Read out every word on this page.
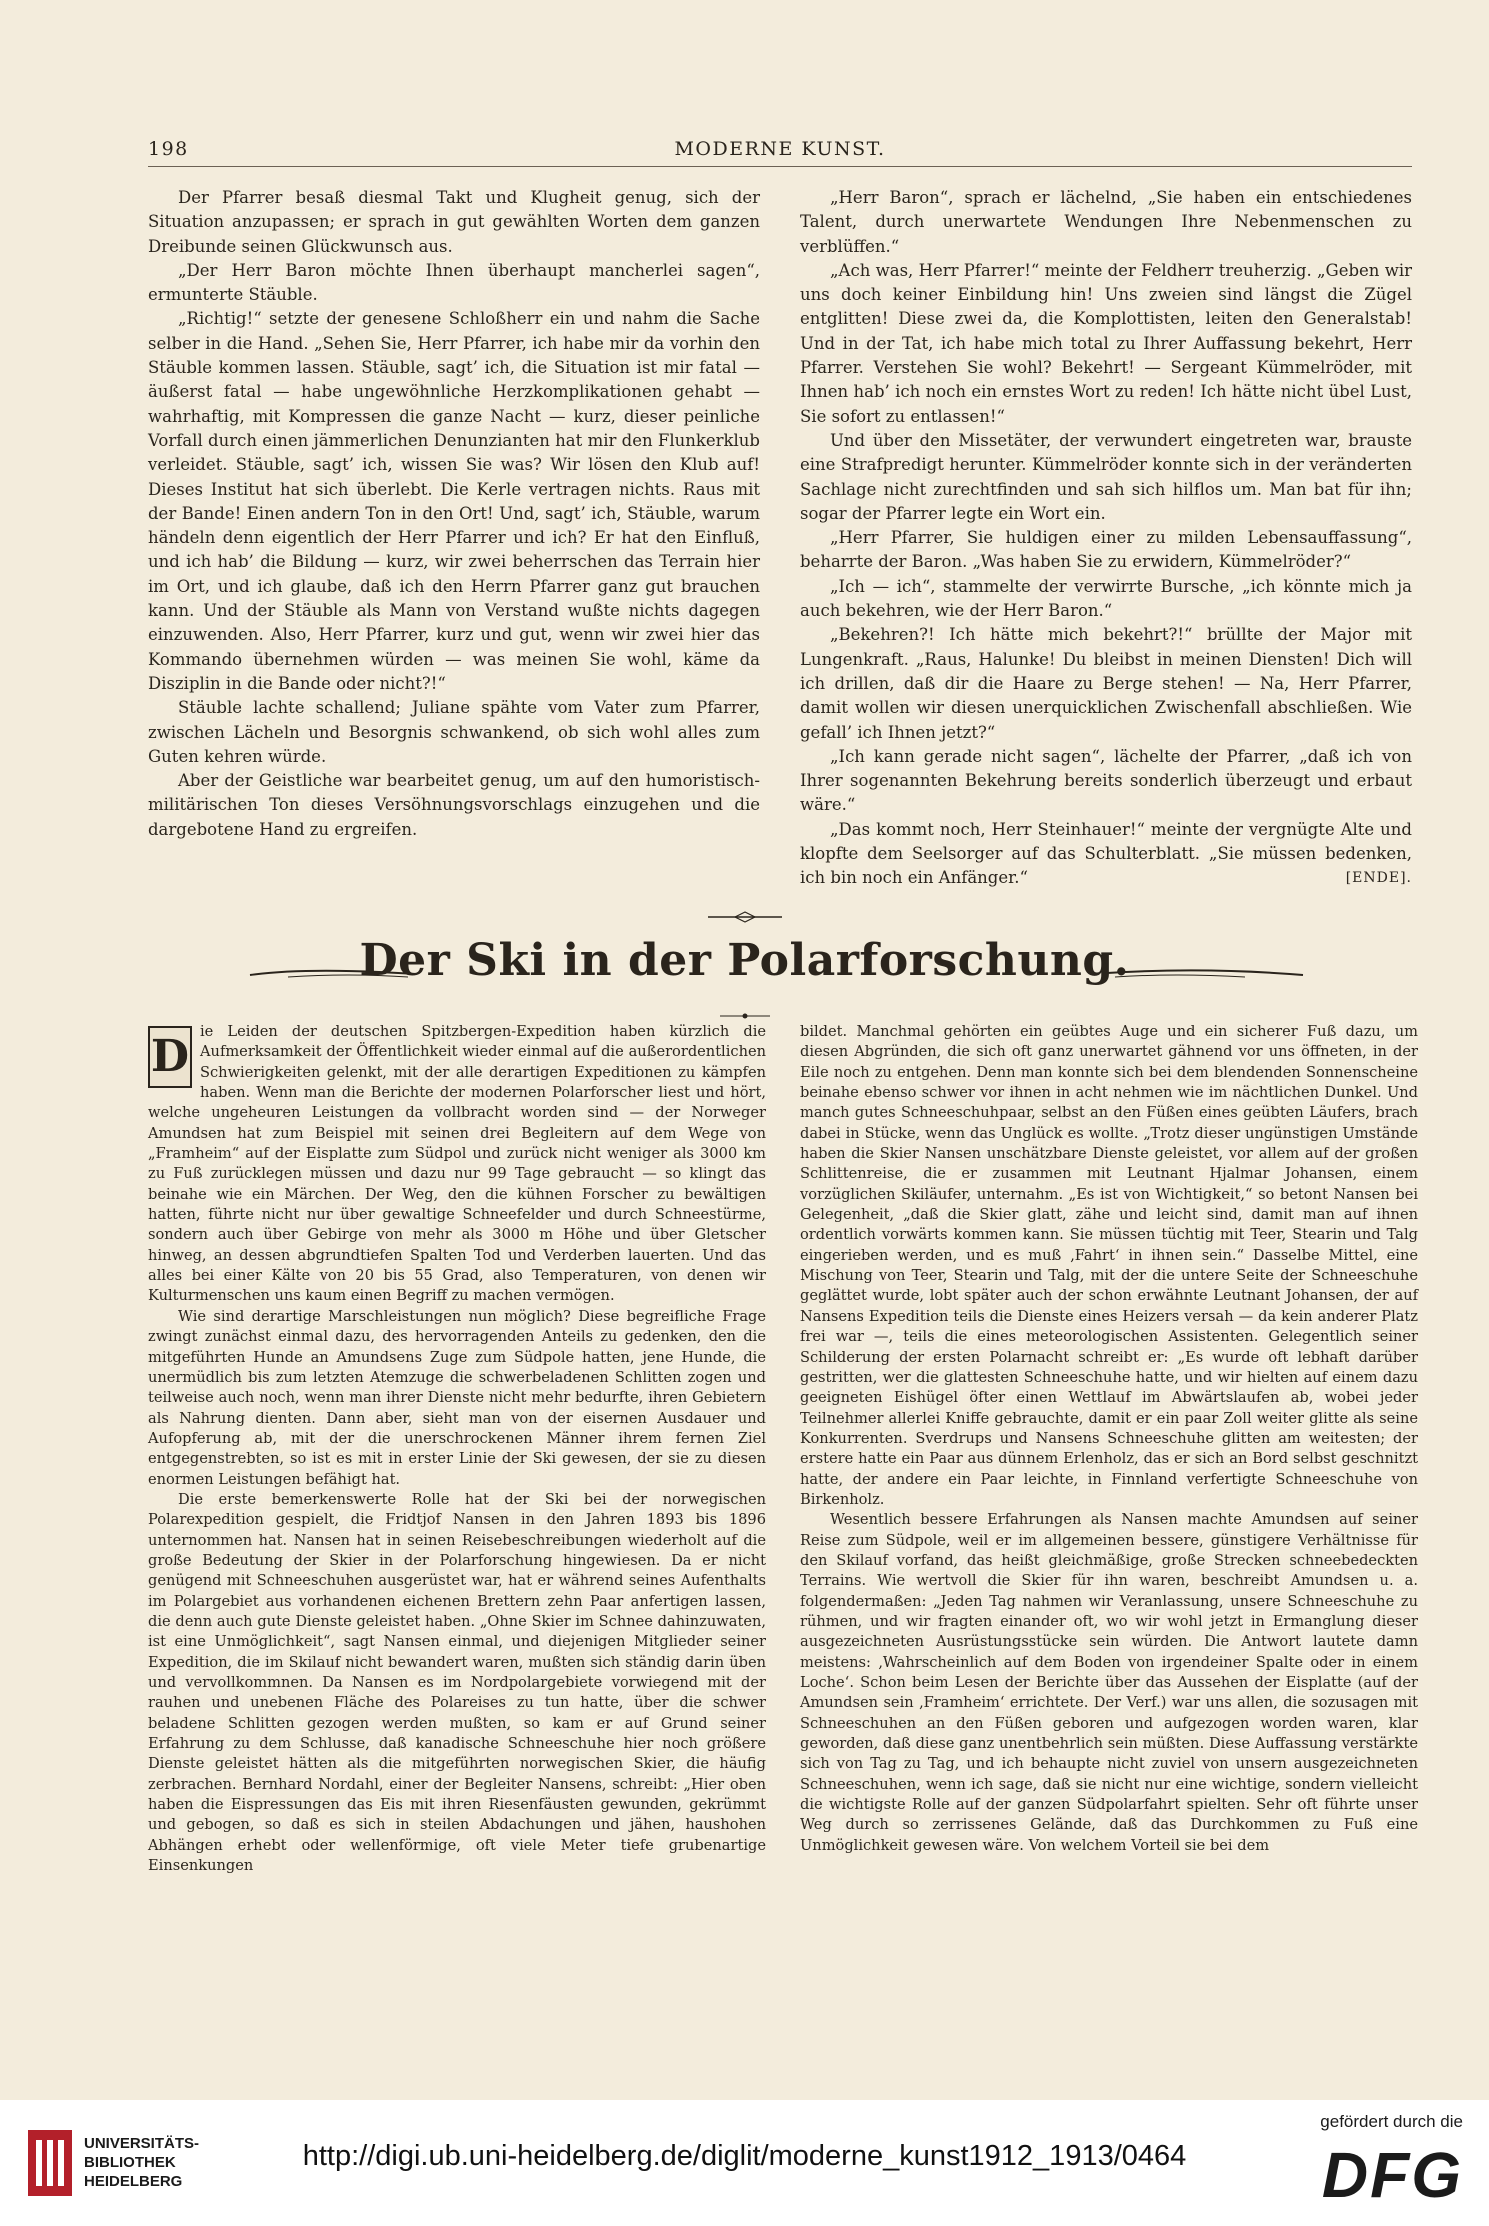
198	MODERNE KUNST.

Der Pfarrer besaß diesmal Takt und Klugheit genug, sich der Situation anzupassen; er sprach in gut gewählten Worten dem ganzen Dreibunde seinen Glückwunsch aus.

„Der Herr Baron möchte Ihnen überhaupt mancherlei sagen“, ermunterte Stäuble.

„Richtig!“ setzte der genesene Schloßherr ein und nahm die Sache selber in die Hand. „Sehen Sie, Herr Pfarrer, ich habe mir da vorhin den Stäuble kommen lassen. Stäuble, sagt’ ich, die Situation ist mir fatal — äußerst fatal — habe ungewöhnliche Herzkomplikationen gehabt — wahrhaftig, mit Kompressen die ganze Nacht — kurz, dieser peinliche Vorfall durch einen jämmerlichen Denunzianten hat mir den Flunkerklub verleidet. Stäuble, sagt’ ich, wissen Sie was? Wir lösen den Klub auf! Dieses Institut hat sich überlebt. Die Kerle vertragen nichts. Raus mit der Bande! Einen andern Ton in den Ort! Und, sagt’ ich, Stäuble, warum händeln denn eigentlich der Herr Pfarrer und ich? Er hat den Einfluß, und ich hab’ die Bildung — kurz, wir zwei beherrschen das Terrain hier im Ort, und ich glaube, daß ich den Herrn Pfarrer ganz gut brauchen kann. Und der Stäuble als Mann von Verstand wußte nichts dagegen einzuwenden. Also, Herr Pfarrer, kurz und gut, wenn wir zwei hier das Kommando übernehmen würden — was meinen Sie wohl, käme da Disziplin in die Bande oder nicht?!“

Stäuble lachte schallend; Juliane spähte vom Vater zum Pfarrer, zwischen Lächeln und Besorgnis schwankend, ob sich wohl alles zum Guten kehren würde.

Aber der Geistliche war bearbeitet genug, um auf den humoristisch-militärischen Ton dieses Versöhnungsvorschlags einzugehen und die dargebotene Hand zu ergreifen.

„Herr Baron“, sprach er lächelnd, „Sie haben ein entschiedenes Talent, durch unerwartete Wendungen Ihre Nebenmenschen zu verblüffen.“

„Ach was, Herr Pfarrer!“ meinte der Feldherr treuherzig. „Geben wir uns doch keiner Einbildung hin! Uns zweien sind längst die Zügel entglitten! Diese zwei da, die Komplottisten, leiten den Generalstab! Und in der Tat, ich habe mich total zu Ihrer Auffassung bekehrt, Herr Pfarrer. Verstehen Sie wohl? Bekehrt! — Sergeant Kümmelröder, mit Ihnen hab’ ich noch ein ernstes Wort zu reden! Ich hätte nicht übel Lust, Sie sofort zu entlassen!“

Und über den Missetäter, der verwundert eingetreten war, brauste eine Strafpredigt herunter. Kümmelröder konnte sich in der veränderten Sachlage nicht zurechtfinden und sah sich hilflos um. Man bat für ihn; sogar der Pfarrer legte ein Wort ein.

„Herr Pfarrer, Sie huldigen einer zu milden Lebensauffassung“, beharrte der Baron. „Was haben Sie zu erwidern, Kümmelröder?“

„Ich — ich“, stammelte der verwirrte Bursche, „ich könnte mich ja auch bekehren, wie der Herr Baron.“

„Bekehren?! Ich hätte mich bekehrt?!“ brüllte der Major mit Lungenkraft. „Raus, Halunke! Du bleibst in meinen Diensten! Dich will ich drillen, daß dir die Haare zu Berge stehen! — Na, Herr Pfarrer, damit wollen wir diesen unerquicklichen Zwischenfall abschließen. Wie gefall’ ich Ihnen jetzt?“

„Ich kann gerade nicht sagen“, lächelte der Pfarrer, „daß ich von Ihrer sogenannten Bekehrung bereits sonderlich überzeugt und erbaut wäre.“

„Das kommt noch, Herr Steinhauer!“ meinte der vergnügte Alte und klopfte dem Seelsorger auf das Schulterblatt. „Sie müssen bedenken, ich bin noch ein Anfänger.“	[ENDE].

Der Ski in der Polarforschung.

D ie Leiden der deutschen Spitzbergen-Expedition haben kürzlich die Aufmerksamkeit der Öffentlichkeit wieder einmal auf die außerordentlichen Schwierigkeiten gelenkt, mit der alle derartigen Expeditionen zu kämpfen haben. Wenn man die Berichte der modernen Polarforscher liest und hört, welche ungeheuren Leistungen da vollbracht worden sind — der Norweger Amundsen hat zum Beispiel mit seinen drei Begleitern auf dem Wege von „Framheim“ auf der Eisplatte zum Südpol und zurück nicht weniger als 3000 km zu Fuß zurücklegen müssen und dazu nur 99 Tage gebraucht — so klingt das beinahe wie ein Märchen. Der Weg, den die kühnen Forscher zu bewältigen hatten, führte nicht nur über gewaltige Schneefelder und durch Schneestürme, sondern auch über Gebirge von mehr als 3000 m Höhe und über Gletscher hinweg, an dessen abgrundtiefen Spalten Tod und Verderben lauerten. Und das alles bei einer Kälte von 20 bis 55 Grad, also Temperaturen, von denen wir Kulturmenschen uns kaum einen Begriff zu machen vermögen.

Wie sind derartige Marschleistungen nun möglich? Diese begreifliche Frage zwingt zunächst einmal dazu, des hervorragenden Anteils zu gedenken, den die mitgeführten Hunde an Amundsens Zuge zum Südpole hatten, jene Hunde, die unermüdlich bis zum letzten Atemzuge die schwerbeladenen Schlitten zogen und teilweise auch noch, wenn man ihrer Dienste nicht mehr bedurfte, ihren Gebietern als Nahrung dienten. Dann aber, sieht man von der eisernen Ausdauer und Aufopferung ab, mit der die unerschrockenen Männer ihrem fernen Ziel entgegenstrebten, so ist es mit in erster Linie der Ski gewesen, der sie zu diesen enormen Leistungen befähigt hat.

Die erste bemerkenswerte Rolle hat der Ski bei der norwegischen Polarexpedition gespielt, die Fridtjof Nansen in den Jahren 1893 bis 1896 unternommen hat. Nansen hat in seinen Reisebeschreibungen wiederholt auf die große Bedeutung der Skier in der Polarforschung hingewiesen. Da er nicht genügend mit Schneeschuhen ausgerüstet war, hat er während seines Aufenthalts im Polargebiet aus vorhandenen eichenen Brettern zehn Paar anfertigen lassen, die denn auch gute Dienste geleistet haben. „Ohne Skier im Schnee dahinzuwaten, ist eine Unmöglichkeit“, sagt Nansen einmal, und diejenigen Mitglieder seiner Expedition, die im Skilauf nicht bewandert waren, mußten sich ständig darin üben und vervollkommnen. Da Nansen es im Nordpolargebiete vorwiegend mit der rauhen und unebenen Fläche des Polareises zu tun hatte, über die schwer beladene Schlitten gezogen werden mußten, so kam er auf Grund seiner Erfahrung zu dem Schlusse, daß kanadische Schneeschuhe hier noch größere Dienste geleistet hätten als die mitgeführten norwegischen Skier, die häufig zerbrachen. Bernhard Nordahl, einer der Begleiter Nansens, schreibt: „Hier oben haben die Eispressungen das Eis mit ihren Riesenfäusten gewunden, gekrümmt und gebogen, so daß es sich in steilen Abdachungen und jähen, haushohen Abhängen erhebt oder wellenförmige, oft viele Meter tiefe grubenartige Einsenkungen

bildet. Manchmal gehörten ein geübtes Auge und ein sicherer Fuß dazu, um diesen Abgründen, die sich oft ganz unerwartet gähnend vor uns öffneten, in der Eile noch zu entgehen. Denn man konnte sich bei dem blendenden Sonnenscheine beinahe ebenso schwer vor ihnen in acht nehmen wie im nächtlichen Dunkel. Und manch gutes Schneeschuhpaar, selbst an den Füßen eines geübten Läufers, brach dabei in Stücke, wenn das Unglück es wollte. „Trotz dieser ungünstigen Umstände haben die Skier Nansen unschätzbare Dienste geleistet, vor allem auf der großen Schlittenreise, die er zusammen mit Leutnant Hjalmar Johansen, einem vorzüglichen Skiläufer, unternahm. „Es ist von Wichtigkeit,“ so betont Nansen bei Gelegenheit, „daß die Skier glatt, zähe und leicht sind, damit man auf ihnen ordentlich vorwärts kommen kann. Sie müssen tüchtig mit Teer, Stearin und Talg eingerieben werden, und es muß ‚Fahrt‘ in ihnen sein.“ Dasselbe Mittel, eine Mischung von Teer, Stearin und Talg, mit der die untere Seite der Schneeschuhe geglättet wurde, lobt später auch der schon erwähnte Leutnant Johansen, der auf Nansens Expedition teils die Dienste eines Heizers versah — da kein anderer Platz frei war —, teils die eines meteorologischen Assistenten. Gelegentlich seiner Schilderung der ersten Polarnacht schreibt er: „Es wurde oft lebhaft darüber gestritten, wer die glattesten Schneeschuhe hatte, und wir hielten auf einem dazu geeigneten Eishügel öfter einen Wettlauf im Abwärtslaufen ab, wobei jeder Teilnehmer allerlei Kniffe gebrauchte, damit er ein paar Zoll weiter glitte als seine Konkurrenten. Sverdrups und Nansens Schneeschuhe glitten am weitesten; der erstere hatte ein Paar aus dünnem Erlenholz, das er sich an Bord selbst geschnitzt hatte, der andere ein Paar leichte, in Finnland verfertigte Schneeschuhe von Birkenholz.

Wesentlich bessere Erfahrungen als Nansen machte Amundsen auf seiner Reise zum Südpole, weil er im allgemeinen bessere, günstigere Verhältnisse für den Skilauf vorfand, das heißt gleichmäßige, große Strecken schneebedeckten Terrains. Wie wertvoll die Skier für ihn waren, beschreibt Amundsen u. a. folgendermaßen: „Jeden Tag nahmen wir Veranlassung, unsere Schneeschuhe zu rühmen, und wir fragten einander oft, wo wir wohl jetzt in Ermanglung dieser ausgezeichneten Ausrüstungsstücke sein würden. Die Antwort lautete damn meistens: ‚Wahrscheinlich auf dem Boden von irgendeiner Spalte oder in einem Loche‘. Schon beim Lesen der Berichte über das Aussehen der Eisplatte (auf der Amundsen sein ‚Framheim‘ errichtete. Der Verf.) war uns allen, die sozusagen mit Schneeschuhen an den Füßen geboren und aufgezogen worden waren, klar geworden, daß diese ganz unentbehrlich sein müßten. Diese Auffassung verstärkte sich von Tag zu Tag, und ich behaupte nicht zuviel von unsern ausgezeichneten Schneeschuhen, wenn ich sage, daß sie nicht nur eine wichtige, sondern vielleicht die wichtigste Rolle auf der ganzen Südpolarfahrt spielten. Sehr oft führte unser Weg durch so zerrissenes Gelände, daß das Durchkommen zu Fuß eine Unmöglichkeit gewesen wäre. Von welchem Vorteil sie bei dem

UNIVERSITÄTS-
BIBLIOTHEK
HEIDELBERG
http://digi.ub.uni-heidelberg.de/diglit/moderne_kunst1912_1913/0464
gefördert durch die
DFG
